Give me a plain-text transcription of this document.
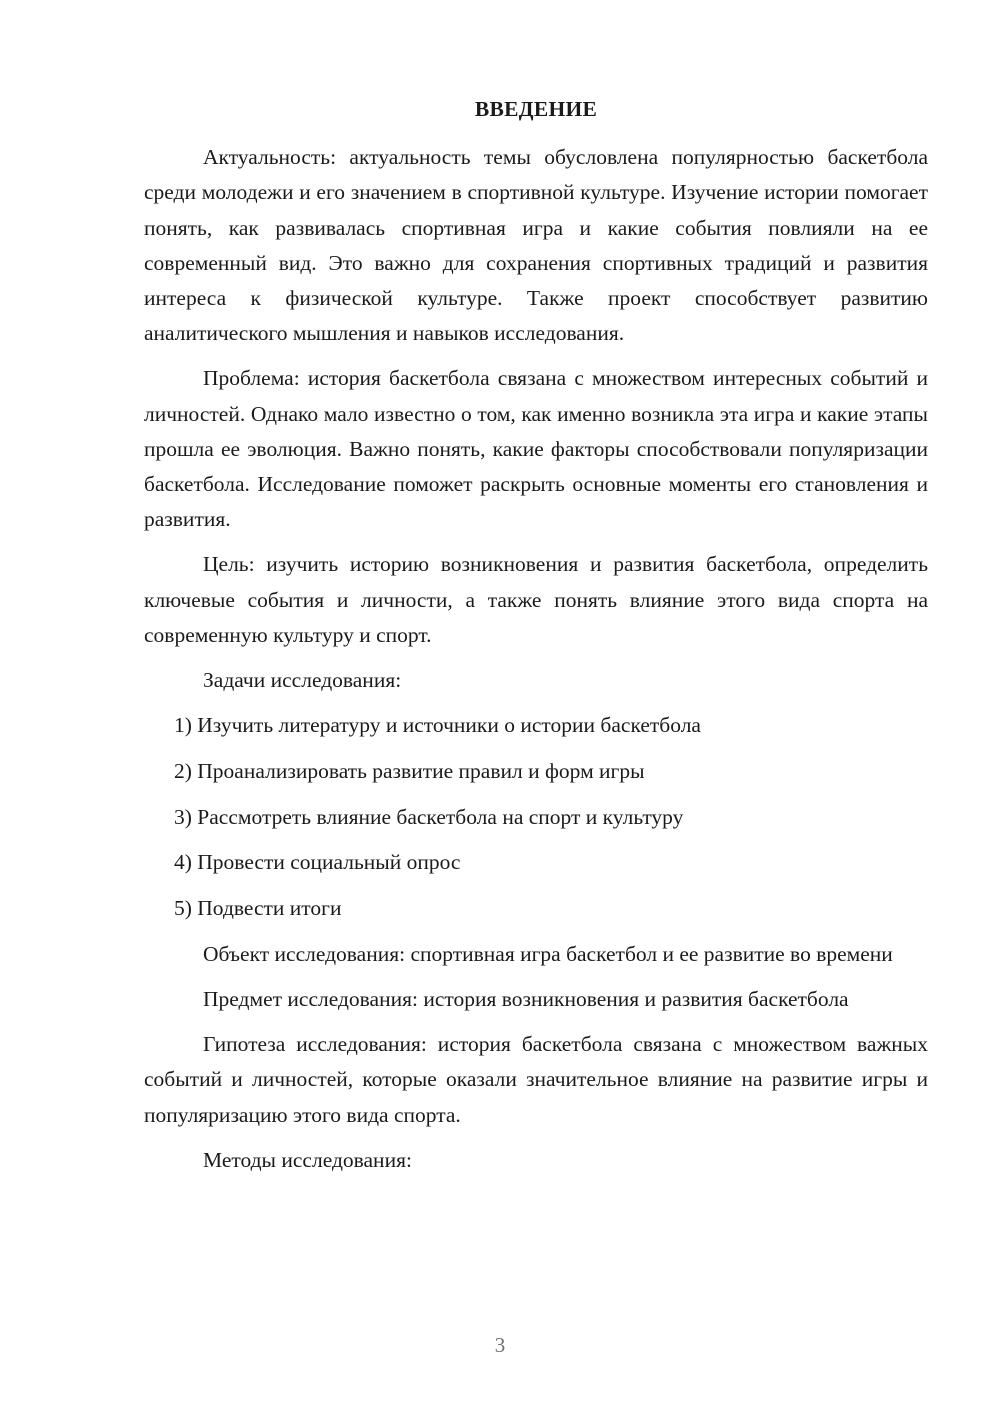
ВВЕДЕНИЕ

Актуальность: актуальность темы обусловлена популярностью баскетбола среди молодежи и его значением в спортивной культуре. Изучение истории помогает понять, как развивалась спортивная игра и какие события повлияли на ее современный вид. Это важно для сохранения спортивных традиций и развития интереса к физической культуре. Также проект способствует развитию аналитического мышления и навыков исследования.

Проблема: история баскетбола связана с множеством интересных событий и личностей. Однако мало известно о том, как именно возникла эта игра и какие этапы прошла ее эволюция. Важно понять, какие факторы способствовали популяризации баскетбола. Исследование поможет раскрыть основные моменты его становления и развития.

Цель: изучить историю возникновения и развития баскетбола, определить ключевые события и личности, а также понять влияние этого вида спорта на современную культуру и спорт.

Задачи исследования:

1) Изучить литературу и источники о истории баскетбола
2) Проанализировать развитие правил и форм игры
3) Рассмотреть влияние баскетбола на спорт и культуру
4) Провести социальный опрос
5) Подвести итоги

Объект исследования: спортивная игра баскетбол и ее развитие во времени

Предмет исследования: история возникновения и развития баскетбола

Гипотеза исследования: история баскетбола связана с множеством важных событий и личностей, которые оказали значительное влияние на развитие игры и популяризацию этого вида спорта.

Методы исследования:

3
